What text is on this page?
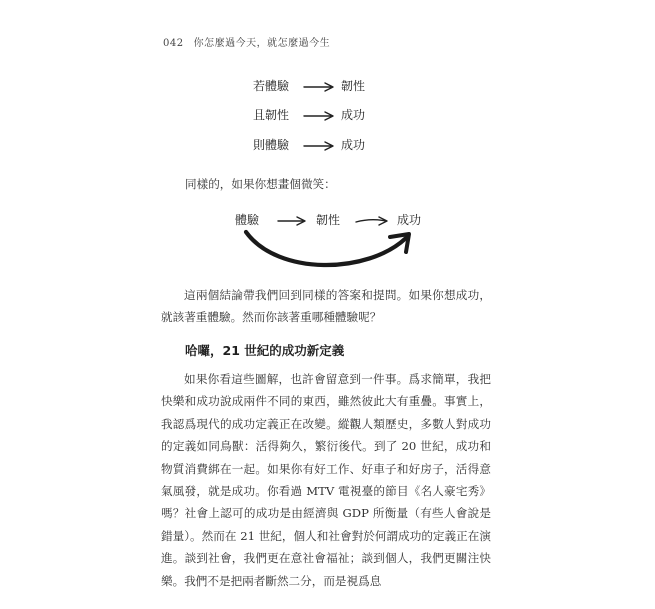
042 你怎麼過今天，就怎麼過今生
若體驗	韌性
且韌性	成功
則體驗	成功
同樣的，如果你想畫個微笑：
體驗	韌性	成功

這兩個結論帶我們回到同樣的答案和提問。如果你想成功，就該著重體驗。然而你該著重哪種體驗呢？

哈囉，21 世紀的成功新定義

如果你看這些圖解，也許會留意到一件事。爲求簡單，我把快樂和成功說成兩件不同的東西，雖然彼此大有重疊。事實上，我認爲現代的成功定義正在改變。縱觀人類歷史，多數人對成功的定義如同鳥獸：活得夠久，繁衍後代。到了 20 世紀，成功和物質消費綁在一起。如果你有好工作、好車子和好房子，活得意氣風發，就是成功。你看過 MTV 電視臺的節目《名人豪宅秀》嗎？社會上認可的成功是由經濟與 GDP 所衡量（有些人會說是錯量）。然而在 21 世紀，個人和社會對於何謂成功的定義正在演進。談到社會，我們更在意社會福祉；談到個人，我們更關注快樂。我們不是把兩者斷然二分，而是視爲息
